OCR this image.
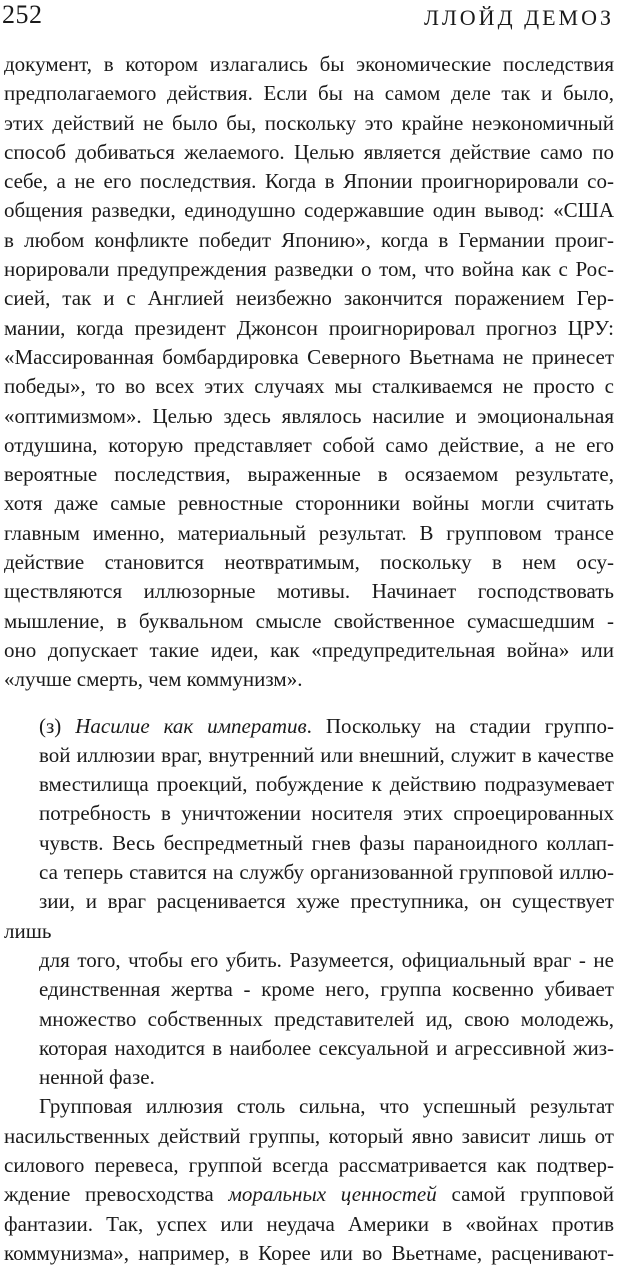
252	ЛЛОЙД ДЕМОЗ

документ, в котором излагались бы экономические последствия
предполагаемого действия. Если бы на самом деле так и было,
этих действий не было бы, поскольку это крайне неэкономичный
способ добиваться желаемого. Целью является действие само по
себе, а не его последствия. Когда в Японии проигнорировали со-
общения разведки, единодушно содержавшие один вывод: «США
в любом конфликте победит Японию», когда в Германии проиг-
норировали предупреждения разведки о том, что война как с Рос-
сией, так и с Англией неизбежно закончится поражением Гер-
мании, когда президент Джонсон проигнорировал прогноз ЦРУ:
«Массированная бомбардировка Северного Вьетнама не принесет
победы», то во всех этих случаях мы сталкиваемся не просто с
«оптимизмом». Целью здесь являлось насилие и эмоциональная
отдушина, которую представляет собой само действие, а не его
вероятные последствия, выраженные в осязаемом результате,
хотя даже самые ревностные сторонники войны могли считать
главным именно, материальный результат. В групповом трансе
действие становится неотвратимым, поскольку в нем осу-
ществляются иллюзорные мотивы. Начинает господствовать
мышление, в буквальном смысле свойственное сумасшедшим -
оно допускает такие идеи, как «предупредительная война» или
«лучше смерть, чем коммунизм».

(з) Насилие как императив. Поскольку на стадии группо-
вой иллюзии враг, внутренний или внешний, служит в качестве
вместилища проекций, побуждение к действию подразумевает
потребность в уничтожении носителя этих спроецированных
чувств. Весь беспредметный гнев фазы параноидного коллап-
са теперь ставится на службу организованной групповой иллю-
зии, и враг расценивается хуже преступника, он существует лишь
для того, чтобы его убить. Разумеется, официальный враг - не
единственная жертва - кроме него, группа косвенно убивает
множество собственных представителей ид, свою молодежь,
которая находится в наиболее сексуальной и агрессивной жиз-
ненной фазе.

Групповая иллюзия столь сильна, что успешный результат
насильственных действий группы, который явно зависит лишь от
силового перевеса, группой всегда рассматривается как подтвер-
ждение превосходства моральных ценностей самой групповой
фантазии. Так, успех или неудача Америки в «войнах против
коммунизма», например, в Корее или во Вьетнаме, расценивают-
